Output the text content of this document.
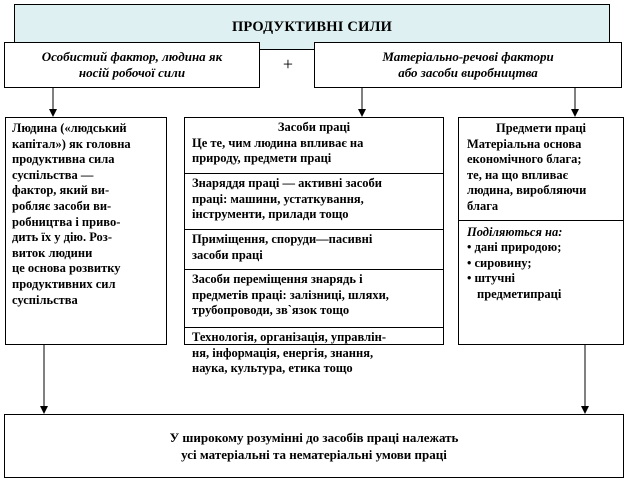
ПРОДУКТИВНІ СИЛИ
Особистий фактор, людина як
носій робочої сили	+	Матеріально-речові фактори
або засоби виробництва
Людина («людський
капітал») як головна
продуктивна сила
суспільства —
фактор, який ви-
робляє засоби ви-
робництва і приво-
дить їх у дію. Роз-
виток людини
це основа розвитку
продуктивних сил
суспільства
Засоби праці
Це те, чим людина впливає на
природу, предмети праці
Знаряддя праці — активні засоби
праці: машини, устаткування,
інструменти, прилади тощо
Приміщення, споруди—пасивні
засоби праці
Засоби переміщення знарядь і
предметів праці: залізниці, шляхи,
трубопроводи, зв`язок тощо
Технологія, організація, управлін-
ня, інформація, енергія, знання,
наука, культура, етика тощо
Предмети праці
Матеріальна основа
економічного блага;
те, на що впливає
людина, виробляючи
блага
Поділяються на:
• дані природою;
• сировину;
• штучні
предметипраці
У широкому розумінні до засобів праці належать
усі матеріальні та нематеріальні умови праці
